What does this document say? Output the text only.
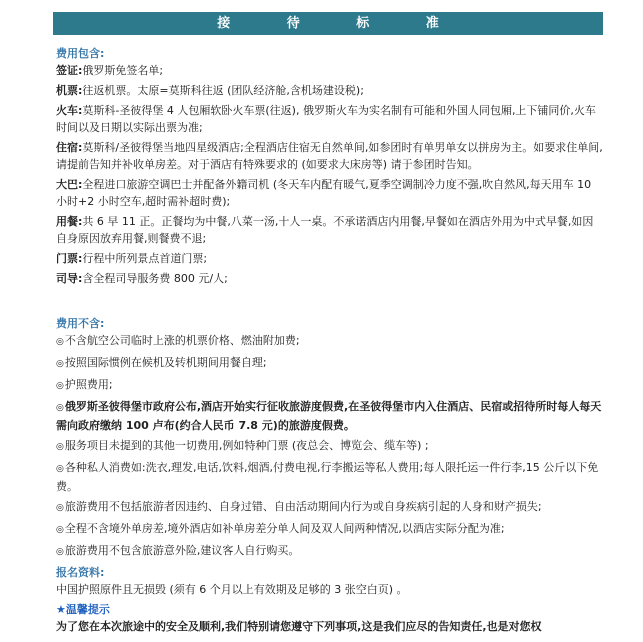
接 待 标 准
费用包含:
签证:俄罗斯免签名单;
机票:往返机票。太原=莫斯科往返 (团队经济舱,含机场建设税);
火车:莫斯科-圣彼得堡 4 人包厢软卧火车票(往返), 俄罗斯火车为实名制有可能和外国人同包厢,上下铺同价,火车时间以及日期以实际出票为准;
住宿:莫斯科/圣彼得堡当地四星级酒店;全程酒店住宿无自然单间,如参团时有单男单女以拼房为主。如要求住单间,请提前告知并补收单房差。对于酒店有特殊要求的 (如要求大床房等) 请于参团时告知。
大巴:全程进口旅游空调巴士并配备外籍司机 (冬天车内配有暖气,夏季空调制冷力度不强,吹自然风,每天用车 10 小时+2 小时空车,超时需补超时费);
用餐:共 6 早 11 正。正餐均为中餐,八菜一汤,十人一桌。不承诺酒店内用餐,早餐如在酒店外用为中式早餐,如因自身原因放弃用餐,则餐费不退;
门票:行程中所列景点首道门票;
司导:含全程司导服务费 800 元/人;
费用不含:
◎ 不含航空公司临时上涨的机票价格、燃油附加费;
◎ 按照国际惯例在候机及转机期间用餐自理;
◎ 护照费用;
◎ 俄罗斯圣彼得堡市政府公布,酒店开始实行征收旅游度假费,在圣彼得堡市内入住酒店、民宿或招待所时每人每天需向政府缴纳 100 卢布(约合人民币 7.8 元)的旅游度假费。
◎ 服务项目未提到的其他一切费用,例如特种门票 (夜总会、博览会、缆车等) ;
◎ 各种私人消费如:洗衣,理发,电话,饮料,烟酒,付费电视,行李搬运等私人费用;每人限托运一件行李,15 公斤以下免费。
◎ 旅游费用不包括旅游者因违约、自身过错、自由活动期间内行为或自身疾病引起的人身和财产损失;
◎ 全程不含境外单房差,境外酒店如补单房差分单人间及双人间两种情况,以酒店实际分配为准;
◎ 旅游费用不包含旅游意外险,建议客人自行购买。
报名资料:
中国护照原件且无损毁 (须有 6 个月以上有效期及足够的 3 张空白页) 。
★温馨提示
为了您在本次旅途中的安全及顺利,我们特别请您遵守下列事项,这是我们应尽的告知责任,也是对您权
